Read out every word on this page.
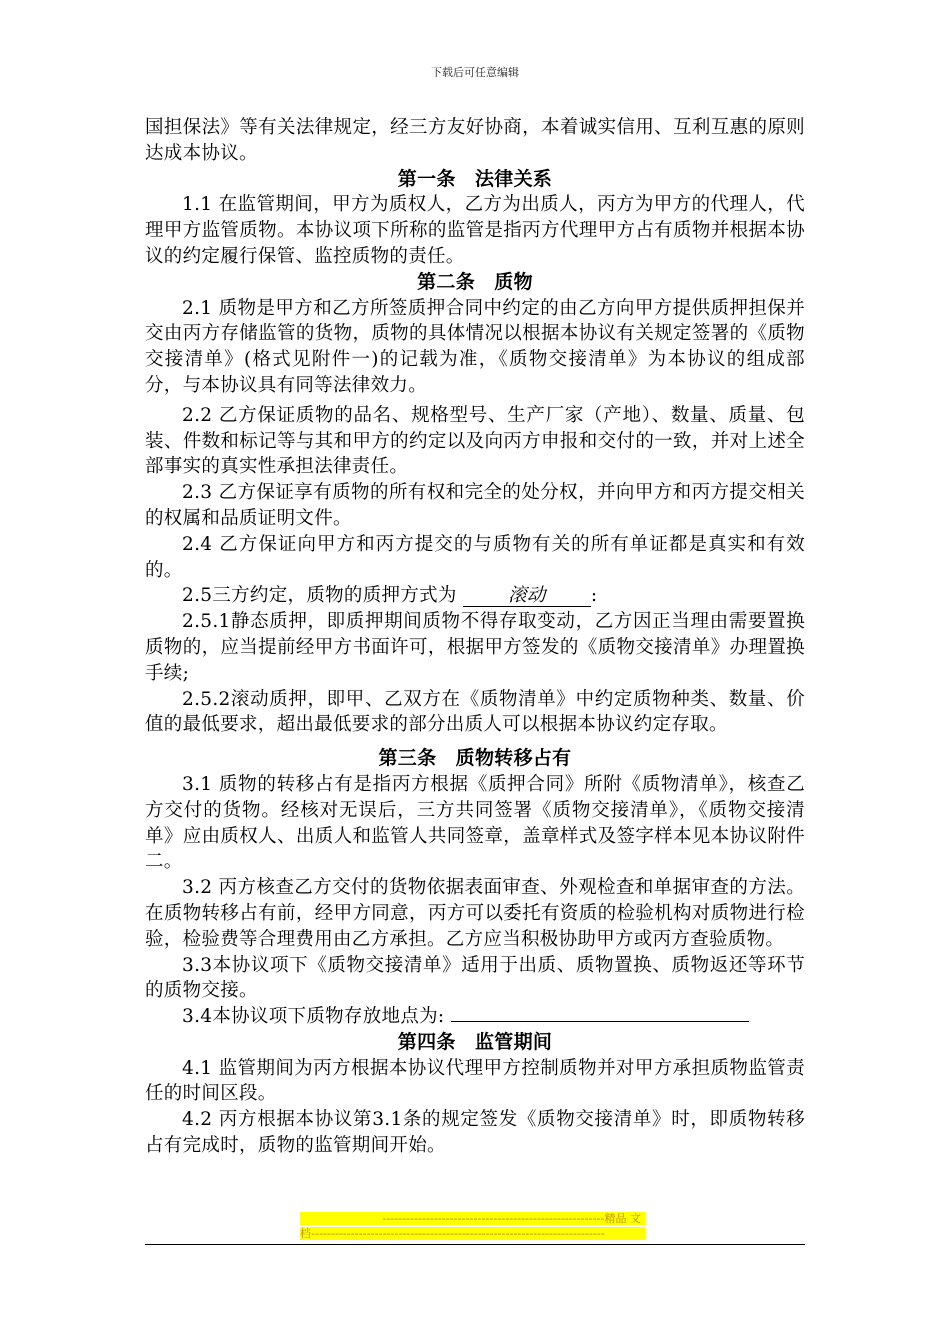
下载后可任意编辑

国担保法》等有关法律规定，经三方友好协商，本着诚实信用、互利互惠的原则达成本协议。

第一条　法律关系

1.1 在监管期间，甲方为质权人，乙方为出质人，丙方为甲方的代理人，代理甲方监管质物。本协议项下所称的监管是指丙方代理甲方占有质物并根据本协议的约定履行保管、监控质物的责任。

第二条　质物

2.1 质物是甲方和乙方所签质押合同中约定的由乙方向甲方提供质押担保并交由丙方存储监管的货物，质物的具体情况以根据本协议有关规定签署的《质物交接清单》(格式见附件一)的记载为准，《质物交接清单》为本协议的组成部分，与本协议具有同等法律效力。

2.2 乙方保证质物的品名、规格型号、生产厂家（产地）、数量、质量、包装、件数和标记等与其和甲方的约定以及向丙方申报和交付的一致，并对上述全部事实的真实性承担法律责任。

2.3 乙方保证享有质物的所有权和完全的处分权，并向甲方和丙方提交相关的权属和品质证明文件。

2.4 乙方保证向甲方和丙方提交的与质物有关的所有单证都是真实和有效的。

2.5三方约定，质物的质押方式为	滚动 :

2.5.1静态质押，即质押期间质物不得存取变动，乙方因正当理由需要置换质物的，应当提前经甲方书面许可，根据甲方签发的《质物交接清单》办理置换手续;

2.5.2滚动质押，即甲、乙双方在《质物清单》中约定质物种类、数量、价值的最低要求，超出最低要求的部分出质人可以根据本协议约定存取。

第三条　质物转移占有

3.1 质物的转移占有是指丙方根据《质押合同》所附《质物清单》，核查乙方交付的货物。经核对无误后，三方共同签署《质物交接清单》，《质物交接清单》应由质权人、出质人和监管人共同签章，盖章样式及签字样本见本协议附件二。

3.2 丙方核查乙方交付的货物依据表面审查、外观检查和单据审查的方法。在质物转移占有前，经甲方同意，丙方可以委托有资质的检验机构对质物进行检验，检验费等合理费用由乙方承担。乙方应当积极协助甲方或丙方查验质物。

3.3本协议项下《质物交接清单》适用于出质、质物置换、质物返还等环节的质物交接。

3.4本协议项下质物存放地点为:

第四条　监管期间

4.1 监管期间为丙方根据本协议代理甲方控制质物并对甲方承担质物监管责任的时间区段。

4.2 丙方根据本协议第3.1条的规定签发《质物交接清单》时，即质物转移占有完成时，质物的监管期间开始。

--------------------------------------------------------精品 文
档--------------------------------------------------------------------------
